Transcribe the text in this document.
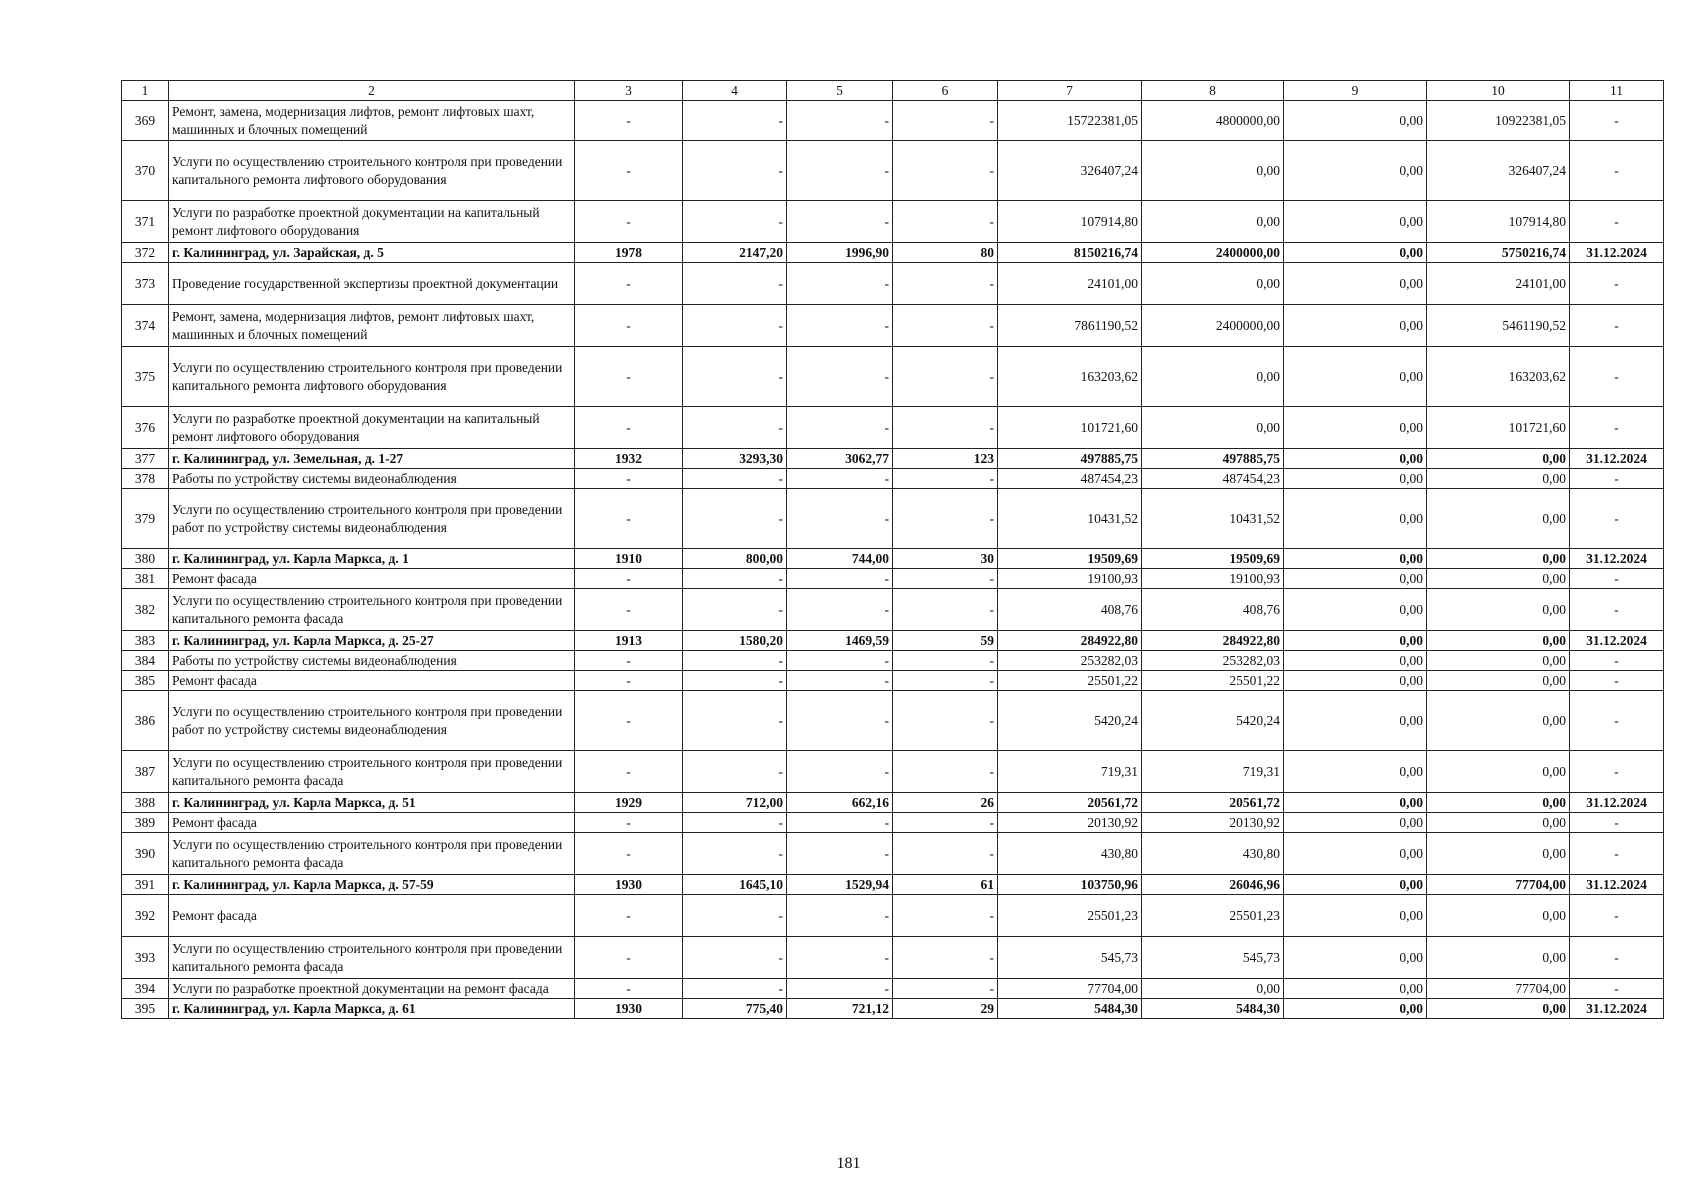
1	2	3	4	5	6	7	8	9	10	11
369	Ремонт, замена, модернизация лифтов, ремонт лифтовых шахт, машинных и блочных помещений	-	-	-	-	15722381,05	4800000,00	0,00	10922381,05	-
370	Услуги по осуществлению строительного контроля при проведении капитального ремонта лифтового оборудования	-	-	-	-	326407,24	0,00	0,00	326407,24	-
371	Услуги по разработке проектной документации на капитальный ремонт лифтового оборудования	-	-	-	-	107914,80	0,00	0,00	107914,80	-
372	г. Калининград, ул. Зарайская, д. 5	1978	2147,20	1996,90	80	8150216,74	2400000,00	0,00	5750216,74	31.12.2024
373	Проведение государственной экспертизы проектной документации	-	-	-	-	24101,00	0,00	0,00	24101,00	-
374	Ремонт, замена, модернизация лифтов, ремонт лифтовых шахт, машинных и блочных помещений	-	-	-	-	7861190,52	2400000,00	0,00	5461190,52	-
375	Услуги по осуществлению строительного контроля при проведении капитального ремонта лифтового оборудования	-	-	-	-	163203,62	0,00	0,00	163203,62	-
376	Услуги по разработке проектной документации на капитальный ремонт лифтового оборудования	-	-	-	-	101721,60	0,00	0,00	101721,60	-
377	г. Калининград, ул. Земельная, д. 1-27	1932	3293,30	3062,77	123	497885,75	497885,75	0,00	0,00	31.12.2024
378	Работы по устройству системы видеонаблюдения	-	-	-	-	487454,23	487454,23	0,00	0,00	-
379	Услуги по осуществлению строительного контроля при проведении работ по устройству системы видеонаблюдения	-	-	-	-	10431,52	10431,52	0,00	0,00	-
380	г. Калининград, ул. Карла Маркса, д. 1	1910	800,00	744,00	30	19509,69	19509,69	0,00	0,00	31.12.2024
381	Ремонт фасада	-	-	-	-	19100,93	19100,93	0,00	0,00	-
382	Услуги по осуществлению строительного контроля при проведении капитального ремонта фасада	-	-	-	-	408,76	408,76	0,00	0,00	-
383	г. Калининград, ул. Карла Маркса, д. 25-27	1913	1580,20	1469,59	59	284922,80	284922,80	0,00	0,00	31.12.2024
384	Работы по устройству системы видеонаблюдения	-	-	-	-	253282,03	253282,03	0,00	0,00	-
385	Ремонт фасада	-	-	-	-	25501,22	25501,22	0,00	0,00	-
386	Услуги по осуществлению строительного контроля при проведении работ по устройству системы видеонаблюдения	-	-	-	-	5420,24	5420,24	0,00	0,00	-
387	Услуги по осуществлению строительного контроля при проведении капитального ремонта фасада	-	-	-	-	719,31	719,31	0,00	0,00	-
388	г. Калининград, ул. Карла Маркса, д. 51	1929	712,00	662,16	26	20561,72	20561,72	0,00	0,00	31.12.2024
389	Ремонт фасада	-	-	-	-	20130,92	20130,92	0,00	0,00	-
390	Услуги по осуществлению строительного контроля при проведении капитального ремонта фасада	-	-	-	-	430,80	430,80	0,00	0,00	-
391	г. Калининград, ул. Карла Маркса, д. 57-59	1930	1645,10	1529,94	61	103750,96	26046,96	0,00	77704,00	31.12.2024
392	Ремонт фасада	-	-	-	-	25501,23	25501,23	0,00	0,00	-
393	Услуги по осуществлению строительного контроля при проведении капитального ремонта фасада	-	-	-	-	545,73	545,73	0,00	0,00	-
394	Услуги по разработке проектной документации на ремонт фасада	-	-	-	-	77704,00	0,00	0,00	77704,00	-
395	г. Калининград, ул. Карла Маркса, д. 61	1930	775,40	721,12	29	5484,30	5484,30	0,00	0,00	31.12.2024
181
